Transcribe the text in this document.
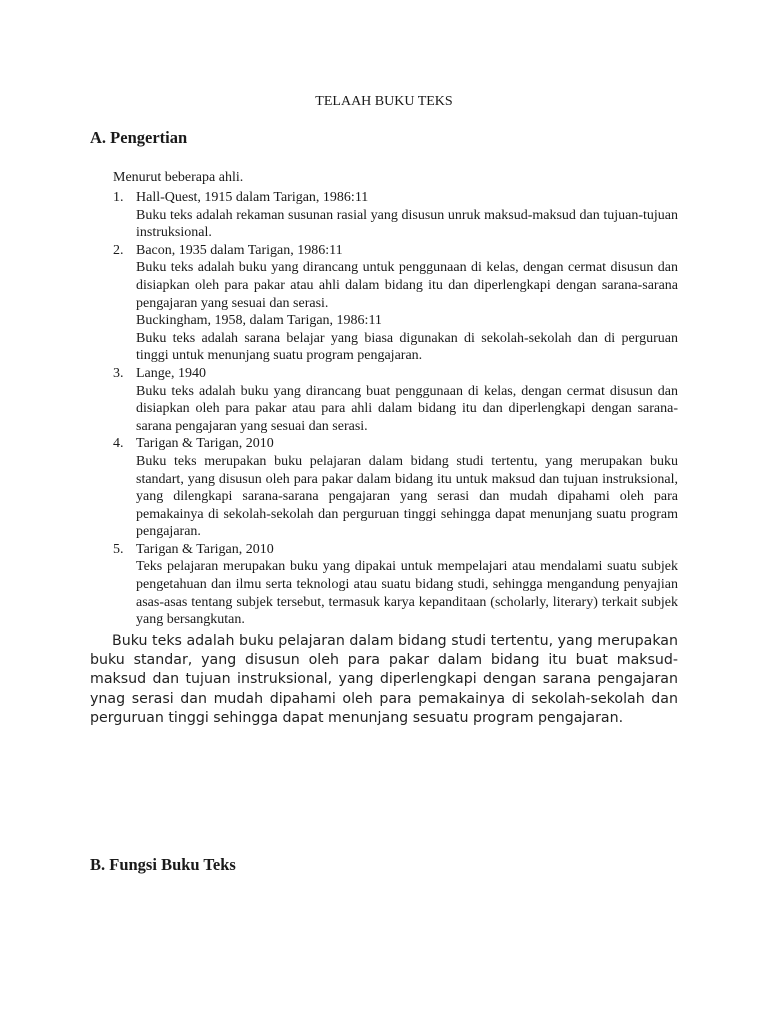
TELAAH BUKU TEKS
A. Pengertian
Menurut beberapa ahli.
1. Hall-Quest, 1915 dalam Tarigan, 1986:11
Buku teks adalah rekaman susunan rasial yang disusun unruk maksud-maksud dan tujuan-tujuan instruksional.
2. Bacon, 1935 dalam Tarigan, 1986:11
Buku teks adalah buku yang dirancang untuk penggunaan di kelas, dengan cermat disusun dan disiapkan oleh para pakar atau ahli dalam bidang itu dan diperlengkapi dengan sarana-sarana pengajaran yang sesuai dan serasi.
Buckingham, 1958, dalam Tarigan, 1986:11
Buku teks adalah sarana belajar yang biasa digunakan di sekolah-sekolah dan di perguruan tinggi untuk menunjang suatu program pengajaran.
3. Lange, 1940
Buku teks adalah buku yang dirancang buat penggunaan di kelas, dengan cermat disusun dan disiapkan oleh para pakar atau para ahli dalam bidang itu dan diperlengkapi dengan sarana-sarana pengajaran yang sesuai dan serasi.
4. Tarigan & Tarigan, 2010
Buku teks merupakan buku pelajaran dalam bidang studi tertentu, yang merupakan buku standart, yang disusun oleh para pakar dalam bidang itu untuk maksud dan tujuan instruksional, yang dilengkapi sarana-sarana pengajaran yang serasi dan mudah dipahami oleh para pemakainya di sekolah-sekolah dan perguruan tinggi sehingga dapat menunjang suatu program pengajaran.
5. Tarigan & Tarigan, 2010
Teks pelajaran merupakan buku yang dipakai untuk mempelajari atau mendalami suatu subjek pengetahuan dan ilmu serta teknologi atau suatu bidang studi, sehingga mengandung penyajian asas-asas tentang subjek tersebut, termasuk karya kepanditaan (scholarly, literary) terkait subjek yang bersangkutan.
Buku teks adalah buku pelajaran dalam bidang studi tertentu, yang merupakan buku standar, yang disusun oleh para pakar dalam bidang itu buat maksud-maksud dan tujuan instruksional, yang diperlengkapi dengan sarana pengajaran ynag serasi dan mudah dipahami oleh para pemakainya di sekolah-sekolah dan perguruan tinggi sehingga dapat menunjang sesuatu program pengajaran.
B. Fungsi Buku Teks
